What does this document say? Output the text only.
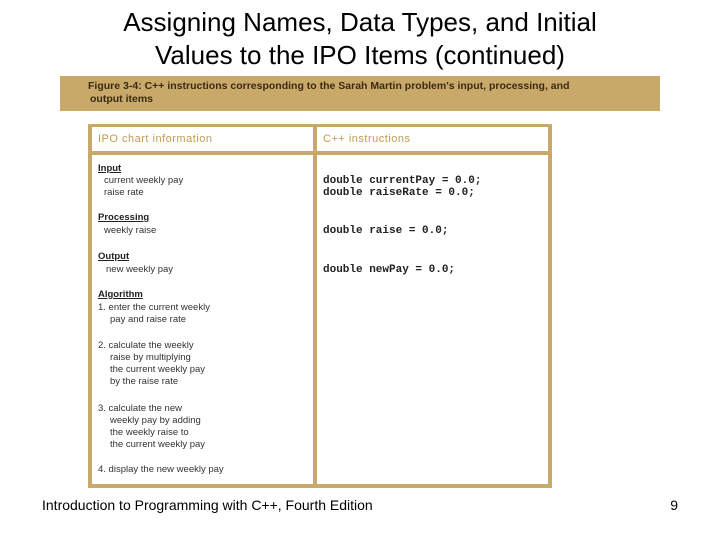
Assigning Names, Data Types, and Initial
Values to the IPO Items (continued)
Figure 3-4: C++ instructions corresponding to the Sarah Martin problem's input, processing, and
output items
IPO chart information	C++ instructions
Input
current weekly pay
raise rate
Processing
weekly raise
Output
new weekly pay
Algorithm
1. enter the current weekly
pay and raise rate
2. calculate the weekly
raise by multiplying
the current weekly pay
by the raise rate
3. calculate the new
weekly pay by adding
the weekly raise to
the current weekly pay
4. display the new weekly pay
double currentPay = 0.0;
double raiseRate = 0.0;
double raise = 0.0;
double newPay = 0.0;
Introduction to Programming with C++, Fourth Edition	9
